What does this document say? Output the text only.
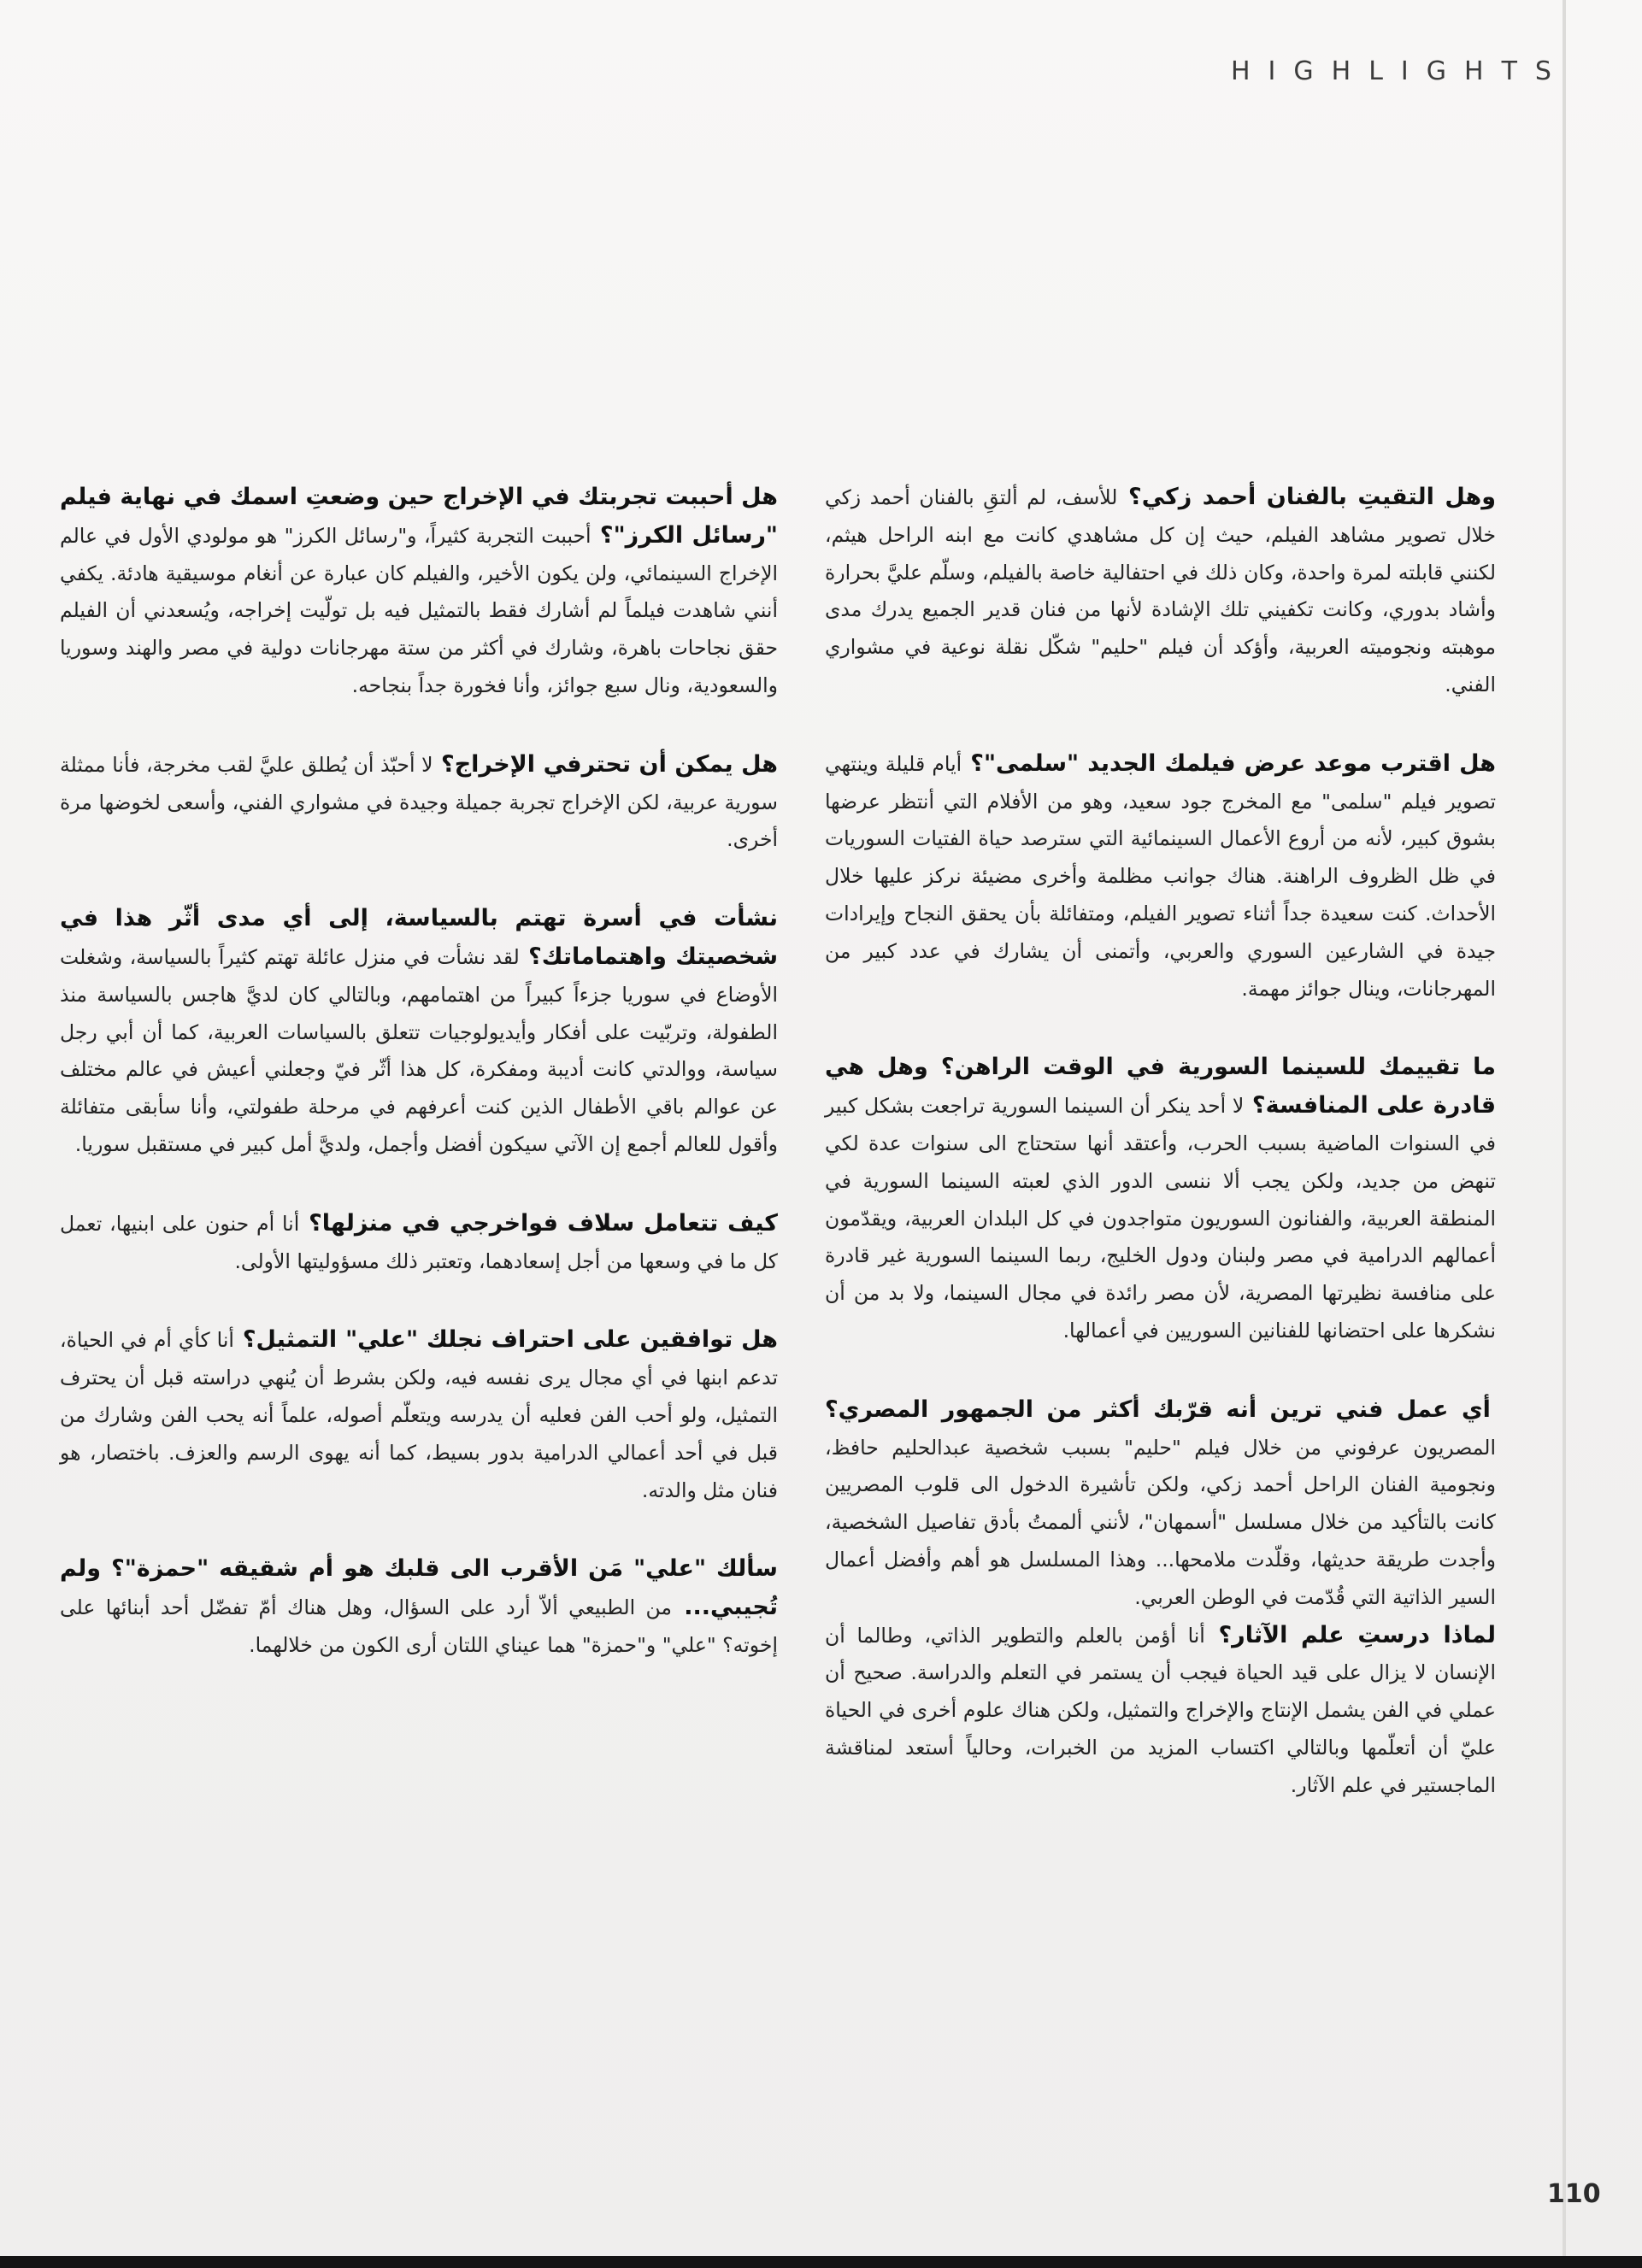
HIGHLIGHTS

وهل التقيتِ بالفنان أحمد زكي؟ للأسف، لم ألتقِ بالفنان أحمد زكي خلال تصوير مشاهد الفيلم، حيث إن كل مشاهدي كانت مع ابنه الراحل هيثم، لكنني قابلته لمرة واحدة، وكان ذلك في احتفالية خاصة بالفيلم، وسلّم عليَّ بحرارة وأشاد بدوري، وكانت تكفيني تلك الإشادة لأنها من فنان قدير الجميع يدرك مدى موهبته ونجوميته العربية، وأؤكد أن فيلم "حليم" شكّل نقلة نوعية في مشواري الفني.

هل اقترب موعد عرض فيلمك الجديد "سلمى"؟ أيام قليلة وينتهي تصوير فيلم "سلمى" مع المخرج جود سعيد، وهو من الأفلام التي أنتظر عرضها بشوق كبير، لأنه من أروع الأعمال السينمائية التي سترصد حياة الفتيات السوريات في ظل الظروف الراهنة. هناك جوانب مظلمة وأخرى مضيئة نركز عليها خلال الأحداث. كنت سعيدة جداً أثناء تصوير الفيلم، ومتفائلة بأن يحقق النجاح وإيرادات جيدة في الشارعين السوري والعربي، وأتمنى أن يشارك في عدد كبير من المهرجانات، وينال جوائز مهمة.

ما تقييمك للسينما السورية في الوقت الراهن؟ وهل هي قادرة على المنافسة؟ لا أحد ينكر أن السينما السورية تراجعت بشكل كبير في السنوات الماضية بسبب الحرب، وأعتقد أنها ستحتاج الى سنوات عدة لكي تنهض من جديد، ولكن يجب ألا ننسى الدور الذي لعبته السينما السورية في المنطقة العربية، والفنانون السوريون متواجدون في كل البلدان العربية، ويقدّمون أعمالهم الدرامية في مصر ولبنان ودول الخليج، ربما السينما السورية غير قادرة على منافسة نظيرتها المصرية، لأن مصر رائدة في مجال السينما، ولا بد من أن نشكرها على احتضانها للفنانين السوريين في أعمالها.

أي عمل فني ترين أنه قرّبك أكثر من الجمهور المصري؟ المصريون عرفوني من خلال فيلم "حليم" بسبب شخصية عبدالحليم حافظ، ونجومية الفنان الراحل أحمد زكي، ولكن تأشيرة الدخول الى قلوب المصريين كانت بالتأكيد من خلال مسلسل "أسمهان"، لأنني ألممتُ بأدق تفاصيل الشخصية، وأجدت طريقة حديثها، وقلّدت ملامحها... وهذا المسلسل هو أهم وأفضل أعمال السير الذاتية التي قُدّمت في الوطن العربي.

لماذا درستِ علم الآثار؟ أنا أؤمن بالعلم والتطوير الذاتي، وطالما أن الإنسان لا يزال على قيد الحياة فيجب أن يستمر في التعلم والدراسة. صحيح أن عملي في الفن يشمل الإنتاج والإخراج والتمثيل، ولكن هناك علوم أخرى في الحياة عليّ أن أتعلّمها وبالتالي اكتساب المزيد من الخبرات، وحالياً أستعد لمناقشة الماجستير في علم الآثار.

هل أحببت تجربتك في الإخراج حين وضعتِ اسمك في نهاية فيلم "رسائل الكرز"؟ أحببت التجربة كثيراً، و"رسائل الكرز" هو مولودي الأول في عالم الإخراج السينمائي، ولن يكون الأخير، والفيلم كان عبارة عن أنغام موسيقية هادئة. يكفي أنني شاهدت فيلماً لم أشارك فقط بالتمثيل فيه بل تولّيت إخراجه، ويُسعدني أن الفيلم حقق نجاحات باهرة، وشارك في أكثر من ستة مهرجانات دولية في مصر والهند وسوريا والسعودية، ونال سبع جوائز، وأنا فخورة جداً بنجاحه.

هل يمكن أن تحترفي الإخراج؟ لا أحبّذ أن يُطلق عليَّ لقب مخرجة، فأنا ممثلة سورية عربية، لكن الإخراج تجربة جميلة وجيدة في مشواري الفني، وأسعى لخوضها مرة أخرى.

نشأت في أسرة تهتم بالسياسة، إلى أي مدى أثّر هذا في شخصيتك واهتماماتك؟ لقد نشأت في منزل عائلة تهتم كثيراً بالسياسة، وشغلت الأوضاع في سوريا جزءاً كبيراً من اهتمامهم، وبالتالي كان لديَّ هاجس بالسياسة منذ الطفولة، وتربّيت على أفكار وأيديولوجيات تتعلق بالسياسات العربية، كما أن أبي رجل سياسة، ووالدتي كانت أديبة ومفكرة، كل هذا أثّر فيّ وجعلني أعيش في عالم مختلف عن عوالم باقي الأطفال الذين كنت أعرفهم في مرحلة طفولتي، وأنا سأبقى متفائلة وأقول للعالم أجمع إن الآتي سيكون أفضل وأجمل، ولديَّ أمل كبير في مستقبل سوريا.

كيف تتعامل سلاف فواخرجي في منزلها؟ أنا أم حنون على ابنيها، تعمل كل ما في وسعها من أجل إسعادهما، وتعتبر ذلك مسؤوليتها الأولى.

هل توافقين على احتراف نجلك "علي" التمثيل؟ أنا كأي أم في الحياة، تدعم ابنها في أي مجال يرى نفسه فيه، ولكن بشرط أن يُنهي دراسته قبل أن يحترف التمثيل، ولو أحب الفن فعليه أن يدرسه ويتعلّم أصوله، علماً أنه يحب الفن وشارك من قبل في أحد أعمالي الدرامية بدور بسيط، كما أنه يهوى الرسم والعزف. باختصار، هو فنان مثل والدته.

سألك "علي" مَن الأقرب الى قلبك هو أم شقيقه "حمزة"؟ ولم تُجيبي... من الطبيعي ألاّ أرد على السؤال، وهل هناك أمّ تفضّل أحد أبنائها على إخوته؟ "علي" و"حمزة" هما عيناي اللتان أرى الكون من خلالهما.

110
